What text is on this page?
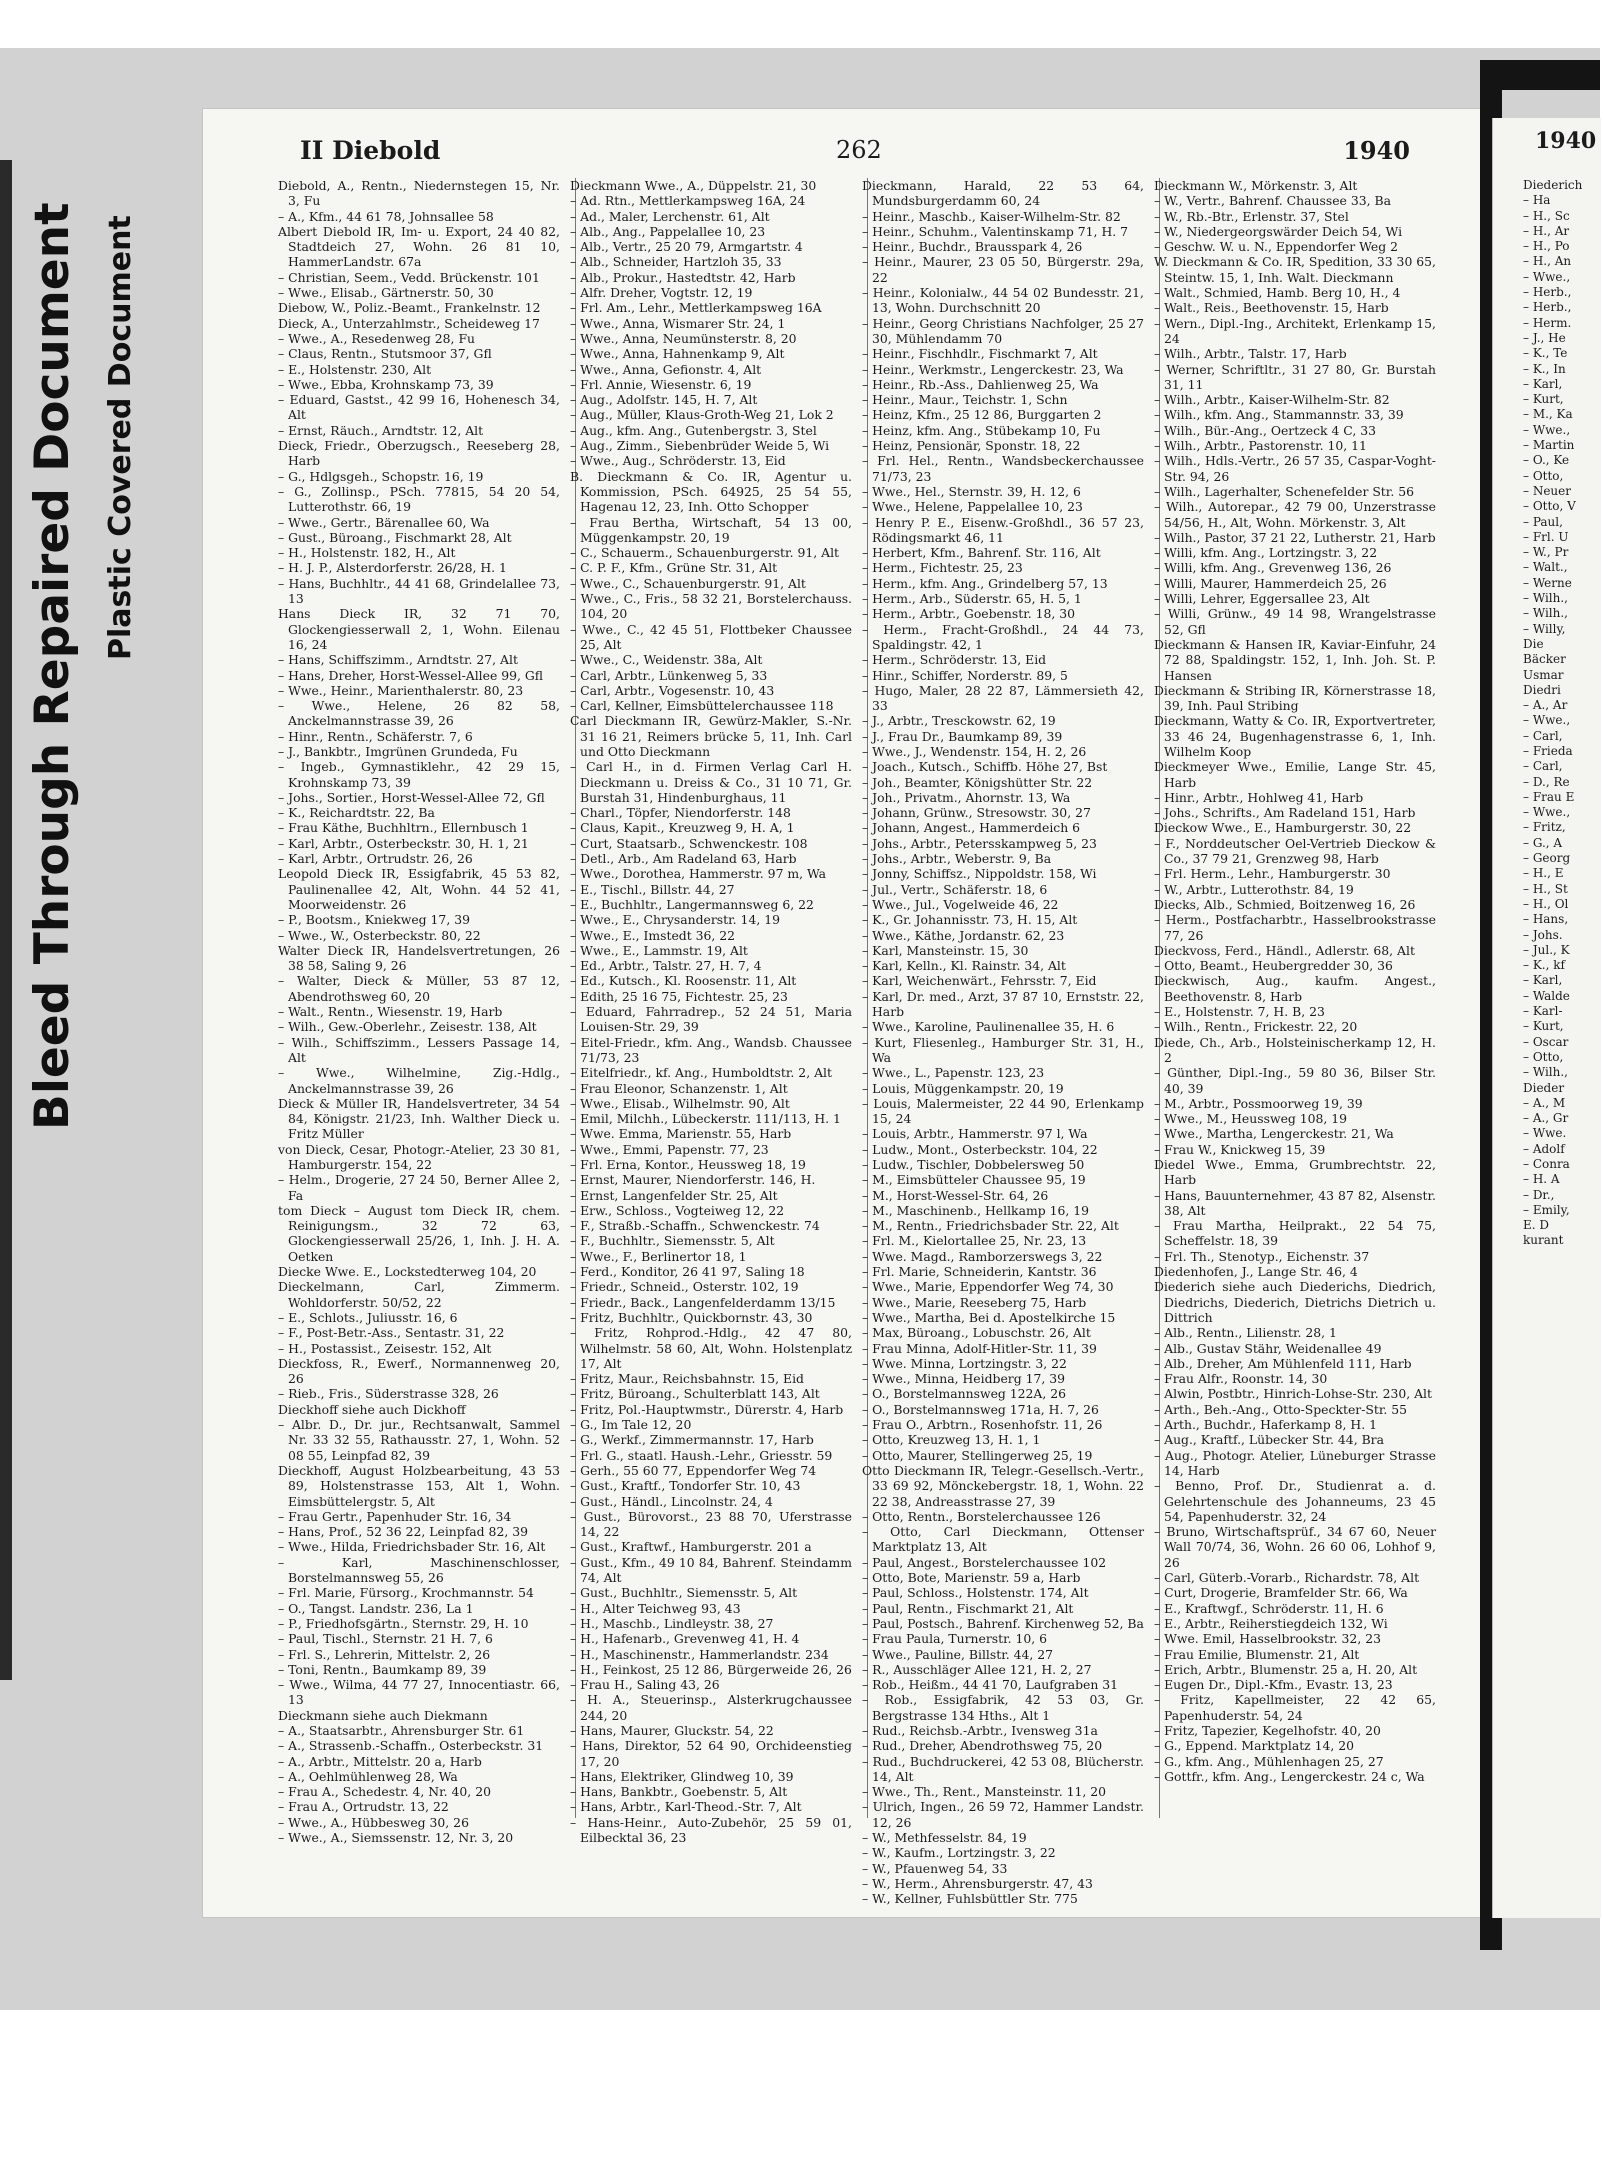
Bleed Through Repaired Document Plastic Covered Document
II Diebold	262	1940

Diebold, A., Rentn., Niedernstegen 15, Nr. 3, Fu

– A., Kfm., 44 61 78, Johnsallee 58

Albert Diebold IR, Im- u. Export, 24 40 82, Stadtdeich 27, Wohn. 26 81 10, HammerLandstr. 67a

– Christian, Seem., Vedd. Brückenstr. 101

– Wwe., Elisab., Gärtnerstr. 50, 30

Diebow, W., Poliz.-Beamt., Frankelnstr. 12

Dieck, A., Unterzahlmstr., Scheideweg 17

– Wwe., A., Resedenweg 28, Fu

– Claus, Rentn., Stutsmoor 37, Gfl

– E., Holstenstr. 230, Alt

– Wwe., Ebba, Krohnskamp 73, 39

– Eduard, Gastst., 42 99 16, Hohenesch 34, Alt

– Ernst, Räuch., Arndtstr. 12, Alt

Dieck, Friedr., Oberzugsch., Reeseberg 28, Harb

– G., Hdlgsgeh., Schopstr. 16, 19

– G., Zollinsp., PSch. 77815, 54 20 54, Lutterothstr. 66, 19

– Wwe., Gertr., Bärenallee 60, Wa

– Gust., Büroang., Fischmarkt 28, Alt

– H., Holstenstr. 182, H., Alt

– H. J. P., Alsterdorferstr. 26/28, H. 1

– Hans, Buchhltr., 44 41 68, Grindelallee 73, 13

Hans Dieck IR, 32 71 70, Glockengiesserwall 2, 1, Wohn. Eilenau 16, 24

– Hans, Schiffszimm., Arndtstr. 27, Alt

– Hans, Dreher, Horst-Wessel-Allee 99, Gfl

– Wwe., Heinr., Marienthalerstr. 80, 23

– Wwe., Helene, 26 82 58, Anckelmannstrasse 39, 26

– Hinr., Rentn., Schäferstr. 7, 6

– J., Bankbtr., Imgrünen Grundeda, Fu

– Ingeb., Gymnastiklehr., 42 29 15, Krohnskamp 73, 39

– Johs., Sortier., Horst-Wessel-Allee 72, Gfl

– K., Reichardtstr. 22, Ba

– Frau Käthe, Buchhltrn., Ellernbusch 1

– Karl, Arbtr., Osterbeckstr. 30, H. 1, 21

– Karl, Arbtr., Ortrudstr. 26, 26

Leopold Dieck IR, Essigfabrik, 45 53 82, Paulinenallee 42, Alt, Wohn. 44 52 41, Moorweidenstr. 26

– P., Bootsm., Kniekweg 17, 39

– Wwe., W., Osterbeckstr. 80, 22

Walter Dieck IR, Handelsvertretungen, 26 38 58, Saling 9, 26

– Walter, Dieck & Müller, 53 87 12, Abendrothsweg 60, 20

– Walt., Rentn., Wiesenstr. 19, Harb

– Wilh., Gew.-Oberlehr., Zeisestr. 138, Alt

– Wilh., Schiffszimm., Lessers Passage 14, Alt

– Wwe., Wilhelmine, Zig.-Hdlg., Anckelmannstrasse 39, 26

Dieck & Müller IR, Handelsvertreter, 34 54 84, Königstr. 21/23, Inh. Walther Dieck u. Fritz Müller

von Dieck, Cesar, Photogr.-Atelier, 23 30 81, Hamburgerstr. 154, 22

– Helm., Drogerie, 27 24 50, Berner Allee 2, Fa

tom Dieck – August tom Dieck IR, chem. Reinigungsm., 32 72 63, Glockengiesserwall 25/26, 1, Inh. J. H. A. Oetken

Diecke Wwe. E., Lockstedterweg 104, 20

Dieckelmann, Carl, Zimmerm. Wohldorferstr. 50/52, 22

– E., Schlots., Juliusstr. 16, 6

– F., Post-Betr.-Ass., Sentastr. 31, 22

– H., Postassist., Zeisestr. 152, Alt

Dieckfoss, R., Ewerf., Normannenweg 20, 26

– Rieb., Fris., Süderstrasse 328, 26

Dieckhoff siehe auch Dickhoff

– Albr. D., Dr. jur., Rechtsanwalt, Sammel Nr. 33 32 55, Rathausstr. 27, 1, Wohn. 52 08 55, Leinpfad 82, 39

Dieckhoff, August Holzbearbeitung, 43 53 89, Holstenstrasse 153, Alt 1, Wohn. Eimsbüttelergstr. 5, Alt

– Frau Gertr., Papenhuder Str. 16, 34

– Hans, Prof., 52 36 22, Leinpfad 82, 39

– Wwe., Hilda, Friedrichsbader Str. 16, Alt

– Karl, Maschinenschlosser, Borstelmannsweg 55, 26

– Frl. Marie, Fürsorg., Krochmannstr. 54

– O., Tangst. Landstr. 236, La 1

– P., Friedhofsgärtn., Sternstr. 29, H. 10

– Paul, Tischl., Sternstr. 21 H. 7, 6

– Frl. S., Lehrerin, Mittelstr. 2, 26

– Toni, Rentn., Baumkamp 89, 39

– Wwe., Wilma, 44 77 27, Innocentiastr. 66, 13

Dieckmann siehe auch Diekmann

– A., Staatsarbtr., Ahrensburger Str. 61

– A., Strassenb.-Schaffn., Osterbeckstr. 31

– A., Arbtr., Mittelstr. 20 a, Harb

– A., Oehlmühlenweg 28, Wa

– Frau A., Schedestr. 4, Nr. 40, 20

– Frau A., Ortrudstr. 13, 22

– Wwe., A., Hübbesweg 30, 26

– Wwe., A., Siemssenstr. 12, Nr. 3, 20

Dieckmann Wwe., A., Düppelstr. 21, 30

– Ad. Rtn., Mettlerkampsweg 16A, 24

– Ad., Maler, Lerchenstr. 61, Alt

– Alb., Ang., Pappelallee 10, 23

– Alb., Vertr., 25 20 79, Armgartstr. 4

– Alb., Schneider, Hartzloh 35, 33

– Alb., Prokur., Hastedtstr. 42, Harb

– Alfr. Dreher, Vogtstr. 12, 19

– Frl. Am., Lehr., Mettlerkampsweg 16A

– Wwe., Anna, Wismarer Str. 24, 1

– Wwe., Anna, Neumünsterstr. 8, 20

– Wwe., Anna, Hahnenkamp 9, Alt

– Wwe., Anna, Gefionstr. 4, Alt

– Frl. Annie, Wiesenstr. 6, 19

– Aug., Adolfstr. 145, H. 7, Alt

– Aug., Müller, Klaus-Groth-Weg 21, Lok 2

– Aug., kfm. Ang., Gutenbergstr. 3, Stel

– Aug., Zimm., Siebenbrüder Weide 5, Wi

– Wwe., Aug., Schröderstr. 13, Eid

B. Dieckmann & Co. IR, Agentur u. Kommission, PSch. 64925, 25 54 55, Hagenau 12, 23, Inh. Otto Schopper

– Frau Bertha, Wirtschaft, 54 13 00, Müggenkampstr. 20, 19

– C., Schauerm., Schauenburgerstr. 91, Alt

– C. P. F., Kfm., Grüne Str. 31, Alt

– Wwe., C., Schauenburgerstr. 91, Alt

– Wwe., C., Fris., 58 32 21, Borstelerchauss. 104, 20

– Wwe., C., 42 45 51, Flottbeker Chaussee 25, Alt

– Wwe., C., Weidenstr. 38a, Alt

– Carl, Arbtr., Lünkenweg 5, 33

– Carl, Arbtr., Vogesenstr. 10, 43

– Carl, Kellner, Eimsbüttelerchaussee 118

Carl Dieckmann IR, Gewürz-Makler, S.-Nr. 31 16 21, Reimers brücke 5, 11, Inh. Carl und Otto Dieckmann

– Carl H., in d. Firmen Verlag Carl H. Dieckmann u. Dreiss & Co., 31 10 71, Gr. Burstah 31, Hindenburghaus, 11

– Charl., Töpfer, Niendorferstr. 148

– Claus, Kapit., Kreuzweg 9, H. A, 1

– Curt, Staatsarb., Schwenckestr. 108

– Detl., Arb., Am Radeland 63, Harb

– Wwe., Dorothea, Hammerstr. 97 m, Wa

– E., Tischl., Billstr. 44, 27

– E., Buchhltr., Langermannsweg 6, 22

– Wwe., E., Chrysanderstr. 14, 19

– Wwe., E., Imstedt 36, 22

– Wwe., E., Lammstr. 19, Alt

– Ed., Arbtr., Talstr. 27, H. 7, 4

– Ed., Kutsch., Kl. Roosenstr. 11, Alt

– Edith, 25 16 75, Fichtestr. 25, 23

– Eduard, Fahrradrep., 52 24 51, Maria Louisen-Str. 29, 39

– Eitel-Friedr., kfm. Ang., Wandsb. Chaussee 71/73, 23

– Eitelfriedr., kf. Ang., Humboldtstr. 2, Alt

– Frau Eleonor, Schanzenstr. 1, Alt

– Wwe., Elisab., Wilhelmstr. 90, Alt

– Emil, Milchh., Lübeckerstr. 111/113, H. 1

– Wwe. Emma, Marienstr. 55, Harb

– Wwe., Emmi, Papenstr. 77, 23

– Frl. Erna, Kontor., Heussweg 18, 19

– Ernst, Maurer, Niendorferstr. 146, H.

– Ernst, Langenfelder Str. 25, Alt

– Erw., Schloss., Vogteiweg 12, 22

– F., Straßb.-Schaffn., Schwenckestr. 74

– F., Buchhltr., Siemensstr. 5, Alt

– Wwe., F., Berlinertor 18, 1

– Ferd., Konditor, 26 41 97, Saling 18

– Friedr., Schneid., Osterstr. 102, 19

– Friedr., Back., Langenfelderdamm 13/15

– Fritz, Buchhltr., Quickbornstr. 43, 30

– Fritz, Rohprod.-Hdlg., 42 47 80, Wilhelmstr. 58 60, Alt, Wohn. Holstenplatz 17, Alt

– Fritz, Maur., Reichsbahnstr. 15, Eid

– Fritz, Büroang., Schulterblatt 143, Alt

– Fritz, Pol.-Hauptwmstr., Dürerstr. 4, Harb

– G., Im Tale 12, 20

– G., Werkf., Zimmermannstr. 17, Harb

– Frl. G., staatl. Haush.-Lehr., Griesstr. 59

– Gerh., 55 60 77, Eppendorfer Weg 74

– Gust., Kraftf., Tondorfer Str. 10, 43

– Gust., Händl., Lincolnstr. 24, 4

– Gust., Bürovorst., 23 88 70, Uferstrasse 14, 22

– Gust., Kraftwf., Hamburgerstr. 201 a

– Gust., Kfm., 49 10 84, Bahrenf. Steindamm 74, Alt

– Gust., Buchhltr., Siemensstr. 5, Alt

– H., Alter Teichweg 93, 43

– H., Maschb., Lindleystr. 38, 27

– H., Hafenarb., Grevenweg 41, H. 4

– H., Maschinenstr., Hammerlandstr. 234

– H., Feinkost, 25 12 86, Bürgerweide 26, 26

– Frau H., Saling 43, 26

– H. A., Steuerinsp., Alsterkrugchaussee 244, 20

– Hans, Maurer, Gluckstr. 54, 22

– Hans, Direktor, 52 64 90, Orchideenstieg 17, 20

– Hans, Elektriker, Glindweg 10, 39

– Hans, Bankbtr., Goebenstr. 5, Alt

– Hans, Arbtr., Karl-Theod.-Str. 7, Alt

– Hans-Heinr., Auto-Zubehör, 25 59 01, Eilbecktal 36, 23

Dieckmann, Harald, 22 53 64, Mundsburgerdamm 60, 24

– Heinr., Maschb., Kaiser-Wilhelm-Str. 82

– Heinr., Schuhm., Valentinskamp 71, H. 7

– Heinr., Buchdr., Brausspark 4, 26

– Heinr., Maurer, 23 05 50, Bürgerstr. 29a, 22

– Heinr., Kolonialw., 44 54 02 Bundesstr. 21, 13, Wohn. Durchschnitt 20

– Heinr., Georg Christians Nachfolger, 25 27 30, Mühlendamm 70

– Heinr., Fischhdlr., Fischmarkt 7, Alt

– Heinr., Werkmstr., Lengerckestr. 23, Wa

– Heinr., Rb.-Ass., Dahlienweg 25, Wa

– Heinr., Maur., Teichstr. 1, Schn

– Heinz, Kfm., 25 12 86, Burggarten 2

– Heinz, kfm. Ang., Stübekamp 10, Fu

– Heinz, Pensionär, Sponstr. 18, 22

– Frl. Hel., Rentn., Wandsbeckerchaussee 71/73, 23

– Wwe., Hel., Sternstr. 39, H. 12, 6

– Wwe., Helene, Pappelallee 10, 23

– Henry P. E., Eisenw.-Großhdl., 36 57 23, Rödingsmarkt 46, 11

– Herbert, Kfm., Bahrenf. Str. 116, Alt

– Herm., Fichtestr. 25, 23

– Herm., kfm. Ang., Grindelberg 57, 13

– Herm., Arb., Süderstr. 65, H. 5, 1

– Herm., Arbtr., Goebenstr. 18, 30

– Herm., Fracht-Großhdl., 24 44 73, Spaldingstr. 42, 1

– Herm., Schröderstr. 13, Eid

– Hinr., Schiffer, Norderstr. 89, 5

– Hugo, Maler, 28 22 87, Lämmersieth 42, 33

– J., Arbtr., Tresckowstr. 62, 19

– J., Frau Dr., Baumkamp 89, 39

– Wwe., J., Wendenstr. 154, H. 2, 26

– Joach., Kutsch., Schiffb. Höhe 27, Bst

– Joh., Beamter, Königshütter Str. 22

– Joh., Privatm., Ahornstr. 13, Wa

– Johann, Grünw., Stresowstr. 30, 27

– Johann, Angest., Hammerdeich 6

– Johs., Arbtr., Petersskampweg 5, 23

– Johs., Arbtr., Weberstr. 9, Ba

– Jonny, Schiffsz., Nippoldstr. 158, Wi

– Jul., Vertr., Schäferstr. 18, 6

– Wwe., Jul., Vogelweide 46, 22

– K., Gr. Johannisstr. 73, H. 15, Alt

– Wwe., Käthe, Jordanstr. 62, 23

– Karl, Mansteinstr. 15, 30

– Karl, Kelln., Kl. Rainstr. 34, Alt

– Karl, Weichenwärt., Fehrsstr. 7, Eid

– Karl, Dr. med., Arzt, 37 87 10, Ernststr. 22, Harb

– Wwe., Karoline, Paulinenallee 35, H. 6

– Kurt, Fliesenleg., Hamburger Str. 31, H., Wa

– Wwe., L., Papenstr. 123, 23

– Louis, Müggenkampstr. 20, 19

– Louis, Malermeister, 22 44 90, Erlenkamp 15, 24

– Louis, Arbtr., Hammerstr. 97 l, Wa

– Ludw., Mont., Osterbeckstr. 104, 22

– Ludw., Tischler, Dobbelersweg 50

– M., Eimsbütteler Chaussee 95, 19

– M., Horst-Wessel-Str. 64, 26

– M., Maschinenb., Hellkamp 16, 19

– M., Rentn., Friedrichsbader Str. 22, Alt

– Frl. M., Kielortallee 25, Nr. 23, 13

– Wwe. Magd., Ramborzerswegs 3, 22

– Frl. Marie, Schneiderin, Kantstr. 36

– Wwe., Marie, Eppendorfer Weg 74, 30

– Wwe., Marie, Reeseberg 75, Harb

– Wwe., Martha, Bei d. Apostelkirche 15

– Max, Büroang., Lobuschstr. 26, Alt

– Frau Minna, Adolf-Hitler-Str. 11, 39

– Wwe. Minna, Lortzingstr. 3, 22

– Wwe., Minna, Heidberg 17, 39

– O., Borstelmannsweg 122A, 26

– O., Borstelmannsweg 171a, H. 7, 26

– Frau O., Arbtrn., Rosenhofstr. 11, 26

– Otto, Kreuzweg 13, H. 1, 1

– Otto, Maurer, Stellingerweg 25, 19

Otto Dieckmann IR, Telegr.-Gesellsch.-Vertr., 33 69 92, Mönckebergstr. 18, 1, Wohn. 22 22 38, Andreasstrasse 27, 39

– Otto, Rentn., Borstelerchaussee 126

– Otto, Carl Dieckmann, Ottenser Marktplatz 13, Alt

– Paul, Angest., Borstelerchaussee 102

– Otto, Bote, Marienstr. 59 a, Harb

– Paul, Schloss., Holstenstr. 174, Alt

– Paul, Rentn., Fischmarkt 21, Alt

– Paul, Postsch., Bahrenf. Kirchenweg 52, Ba

– Frau Paula, Turnerstr. 10, 6

– Wwe., Pauline, Billstr. 44, 27

– R., Ausschläger Allee 121, H. 2, 27

– Rob., Heißm., 44 41 70, Laufgraben 31

– Rob., Essigfabrik, 42 53 03, Gr. Bergstrasse 134 Hths., Alt 1

– Rud., Reichsb.-Arbtr., Ivensweg 31a

– Rud., Dreher, Abendrothsweg 75, 20

– Rud., Buchdruckerei, 42 53 08, Blücherstr. 14, Alt

– Wwe., Th., Rent., Mansteinstr. 11, 20

– Ulrich, Ingen., 26 59 72, Hammer Landstr. 12, 26

– W., Methfesselstr. 84, 19

– W., Kaufm., Lortzingstr. 3, 22

– W., Pfauenweg 54, 33

– W., Herm., Ahrensburgerstr. 47, 43

– W., Kellner, Fuhlsbüttler Str. 775

Dieckmann W., Mörkenstr. 3, Alt

– W., Vertr., Bahrenf. Chaussee 33, Ba

– W., Rb.-Btr., Erlenstr. 37, Stel

– W., Niedergeorgswärder Deich 54, Wi

– Geschw. W. u. N., Eppendorfer Weg 2

W. Dieckmann & Co. IR, Spedition, 33 30 65, Steintw. 15, 1, Inh. Walt. Dieckmann

– Walt., Schmied, Hamb. Berg 10, H., 4

– Walt., Reis., Beethovenstr. 15, Harb

– Wern., Dipl.-Ing., Architekt, Erlenkamp 15, 24

– Wilh., Arbtr., Talstr. 17, Harb

– Werner, Schriftltr., 31 27 80, Gr. Burstah 31, 11

– Wilh., Arbtr., Kaiser-Wilhelm-Str. 82

– Wilh., kfm. Ang., Stammannstr. 33, 39

– Wilh., Bür.-Ang., Oertzeck 4 C, 33

– Wilh., Arbtr., Pastorenstr. 10, 11

– Wilh., Hdls.-Vertr., 26 57 35, Caspar-Voght-Str. 94, 26

– Wilh., Lagerhalter, Schenefelder Str. 56

– Wilh., Autorepar., 42 79 00, Unzerstrasse 54/56, H., Alt, Wohn. Mörkenstr. 3, Alt

– Wilh., Pastor, 37 21 22, Lutherstr. 21, Harb

– Willi, kfm. Ang., Lortzingstr. 3, 22

– Willi, kfm. Ang., Grevenweg 136, 26

– Willi, Maurer, Hammerdeich 25, 26

– Willi, Lehrer, Eggersallee 23, Alt

– Willi, Grünw., 49 14 98, Wrangelstrasse 52, Gfl

Dieckmann & Hansen IR, Kaviar-Einfuhr, 24 72 88, Spaldingstr. 152, 1, Inh. Joh. St. P. Hansen

Dieckmann & Stribing IR, Körnerstrasse 18, 39, Inh. Paul Stribing

Dieckmann, Watty & Co. IR, Exportvertreter, 33 46 24, Bugenhagenstrasse 6, 1, Inh. Wilhelm Koop

Dieckmeyer Wwe., Emilie, Lange Str. 45, Harb

– Hinr., Arbtr., Hohlweg 41, Harb

– Johs., Schrifts., Am Radeland 151, Harb

Dieckow Wwe., E., Hamburgerstr. 30, 22

– F., Norddeutscher Oel-Vertrieb Dieckow & Co., 37 79 21, Grenzweg 98, Harb

– Frl. Herm., Lehr., Hamburgerstr. 30

– W., Arbtr., Lutterothstr. 84, 19

Diecks, Alb., Schmied, Boitzenweg 16, 26

– Herm., Postfacharbtr., Hasselbrookstrasse 77, 26

Dieckvoss, Ferd., Händl., Adlerstr. 68, Alt

– Otto, Beamt., Heubergredder 30, 36

Dieckwisch, Aug., kaufm. Angest., Beethovenstr. 8, Harb

– E., Holstenstr. 7, H. B, 23

– Wilh., Rentn., Frickestr. 22, 20

Diede, Ch., Arb., Holsteinischerkamp 12, H. 2

– Günther, Dipl.-Ing., 59 80 36, Bilser Str. 40, 39

– M., Arbtr., Possmoorweg 19, 39

– Wwe., M., Heussweg 108, 19

– Wwe., Martha, Lengerckestr. 21, Wa

– Frau W., Knickweg 15, 39

Diedel Wwe., Emma, Grumbrechtstr. 22, Harb

– Hans, Bauunternehmer, 43 87 82, Alsenstr. 38, Alt

– Frau Martha, Heilprakt., 22 54 75, Scheffelstr. 18, 39

– Frl. Th., Stenotyp., Eichenstr. 37

Diedenhofen, J., Lange Str. 46, 4

Diederich siehe auch Diederichs, Diedrich, Diedrichs, Diederich, Dietrichs Dietrich u. Dittrich

– Alb., Rentn., Lilienstr. 28, 1

– Alb., Gustav Stähr, Weidenallee 49

– Alb., Dreher, Am Mühlenfeld 111, Harb

– Frau Alfr., Roonstr. 14, 30

– Alwin, Postbtr., Hinrich-Lohse-Str. 230, Alt

– Arth., Beh.-Ang., Otto-Speckter-Str. 55

– Arth., Buchdr., Haferkamp 8, H. 1

– Aug., Kraftf., Lübecker Str. 44, Bra

– Aug., Photogr. Atelier, Lüneburger Strasse 14, Harb

– Benno, Prof. Dr., Studienrat a. d. Gelehrtenschule des Johanneums, 23 45 54, Papenhuderstr. 32, 24

– Bruno, Wirtschaftsprüf., 34 67 60, Neuer Wall 70/74, 36, Wohn. 26 60 06, Lohhof 9, 26

– Carl, Güterb.-Vorarb., Richardstr. 78, Alt

– Curt, Drogerie, Bramfelder Str. 66, Wa

– E., Kraftwgf., Schröderstr. 11, H. 6

– E., Arbtr., Reiherstiegdeich 132, Wi

– Wwe. Emil, Hasselbrookstr. 32, 23

– Frau Emilie, Blumenstr. 21, Alt

– Erich, Arbtr., Blumenstr. 25 a, H. 20, Alt

– Eugen Dr., Dipl.-Kfm., Evastr. 13, 23

– Fritz, Kapellmeister, 22 42 65, Papenhuderstr. 54, 24

– Fritz, Tapezier, Kegelhofstr. 40, 20

– G., Eppend. Marktplatz 14, 20

– G., kfm. Ang., Mühlenhagen 25, 27

– Gottfr., kfm. Ang., Lengerckestr. 24 c, Wa

1940
Diederich
– Ha
– H., Sc
– H., Ar
– H., Po
– H., An
– Wwe.,
– Herb.,
– Herb.,
– Herm.
– J., He
– K., Te
– K., In
– Karl,
– Kurt,
– M., Ka
– Wwe.,
– Martin
– O., Ke
– Otto,
– Neuer
– Otto, V
– Paul,
– Frl. U
– W., Pr
– Walt.,
– Werne
– Wilh.,
– Wilh.,
– Willy,
Die
Bäcker
Usmar
Diedri
– A., Ar
– Wwe.,
– Carl,
– Frieda
– Carl,
– D., Re
– Frau E
– Wwe.,
– Fritz,
– G., A
– Georg
– H., E
– H., St
– H., Ol
– Hans,
– Johs.
– Jul., K
– K., kf
– Karl,
– Walde
– Karl-
– Kurt,
– Oscar
– Otto,
– Wilh.,
Dieder
– A., M
– A., Gr
– Wwe.
– Adolf
– Conra
– H. A
– Dr.,
– Emily,
E. D
kurant
